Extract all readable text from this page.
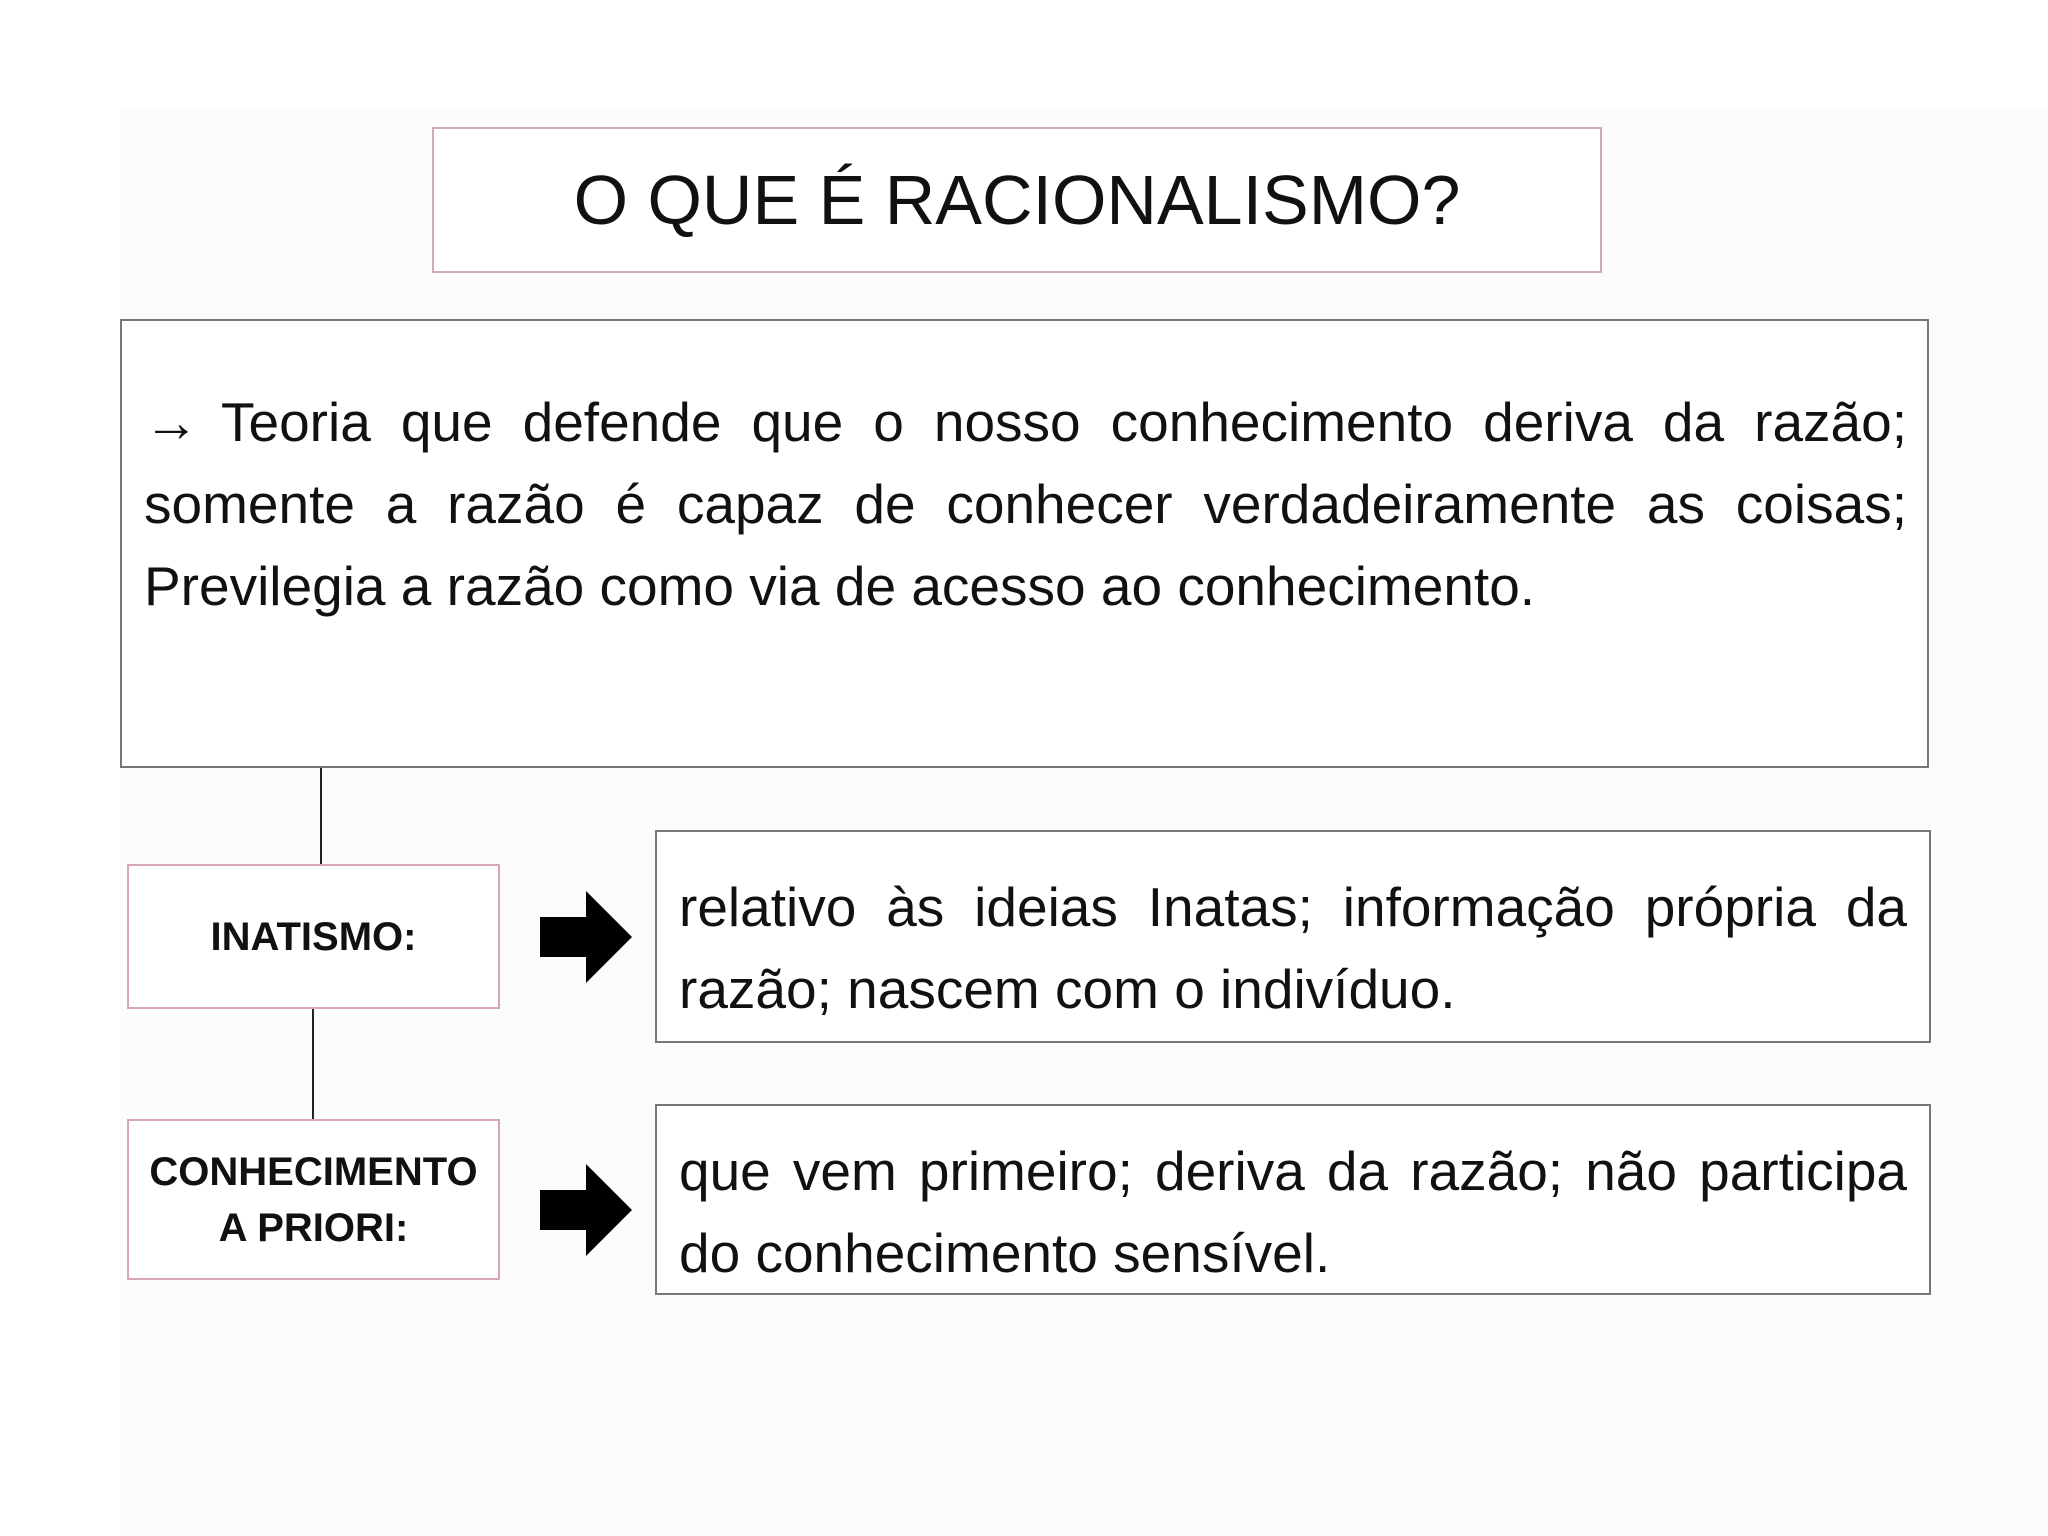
O QUE É RACIONALISMO?

→ Teoria que defende que o nosso conhecimento deriva da razão; somente a razão é capaz de conhecer verdadeiramente as coisas; Previlegia a razão como via de acesso ao conhecimento.

INATISMO:	relativo às ideias Inatas; informação própria da razão; nascem com o indivíduo.

CONHECIMENTO
A PRIORI:

que vem primeiro; deriva da razão; não participa do conhecimento sensível.
